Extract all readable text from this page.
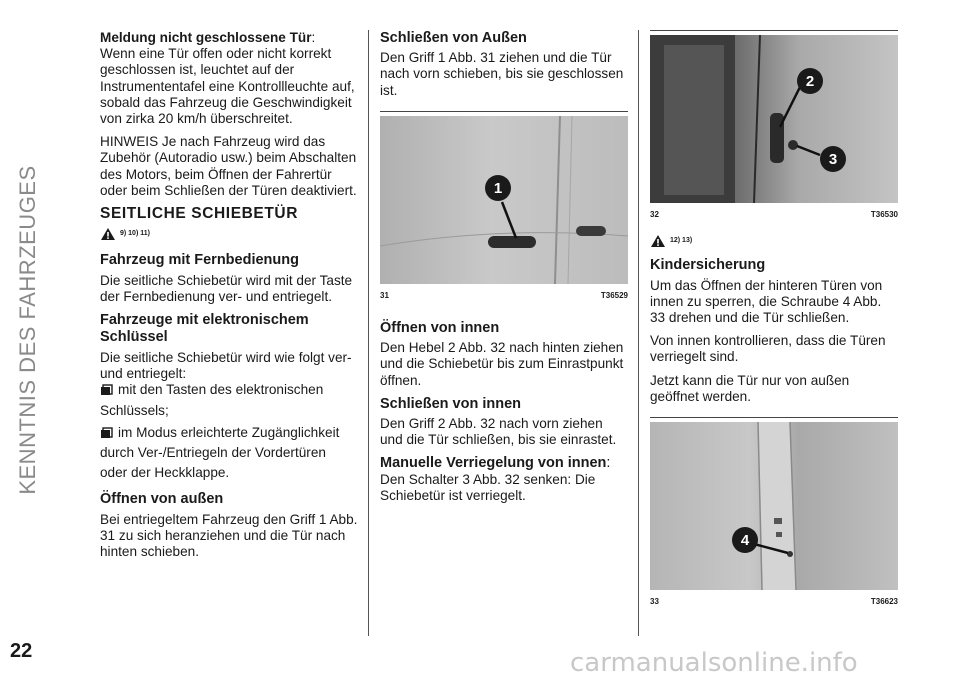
KENNTNIS DES FAHRZEUGES
Meldung nicht geschlossene Tür:

Wenn eine Tür offen oder nicht korrekt geschlossen ist, leuchtet auf der Instrumententafel eine Kontrollleuchte auf, sobald das Fahrzeug die Geschwindigkeit von zirka 20 km/h überschreitet.

HINWEIS Je nach Fahrzeug wird das Zubehör (Autoradio usw.) beim Abschalten des Motors, beim Öffnen der Fahrertür oder beim Schließen der Türen deaktiviert.

SEITLICHE SCHIEBETÜR
9) 10) 11)
Fahrzeug mit Fernbedienung

Die seitliche Schiebetür wird mit der Taste der Fernbedienung ver- und entriegelt.

Fahrzeuge mit elektronischem Schlüssel

Die seitliche Schiebetür wird wie folgt ver- und entriegelt:

mit den Tasten des elektronischen

Schlüssels;

im Modus erleichterte Zugänglichkeit

durch Ver-/Entriegeln der Vordertüren

oder der Heckklappe.

Öffnen von außen

Bei entriegeltem Fahrzeug den Griff 1 Abb. 31 zu sich heranziehen und die Tür nach hinten schieben.

Schließen von Außen

Den Griff 1 Abb. 31 ziehen und die Tür nach vorn schieben, bis sie geschlossen ist.

1
31	T36529
Öffnen von innen

Den Hebel 2 Abb. 32 nach hinten ziehen und die Schiebetür bis zum Einrastpunkt öffnen.

Schließen von innen

Den Griff 2 Abb. 32 nach vorn ziehen und die Tür schließen, bis sie einrastet.

Manuelle Verriegelung von innen:

Den Schalter 3 Abb. 32 senken: Die Schiebetür ist verriegelt.

2
3
32	T36530
12) 13)
Kindersicherung

Um das Öffnen der hinteren Türen von innen zu sperren, die Schraube 4 Abb. 33 drehen und die Tür schließen.

Von innen kontrollieren, dass die Türen verriegelt sind.

Jetzt kann die Tür nur von außen geöffnet werden.

4
33	T36623
22	carmanualsonline.info
